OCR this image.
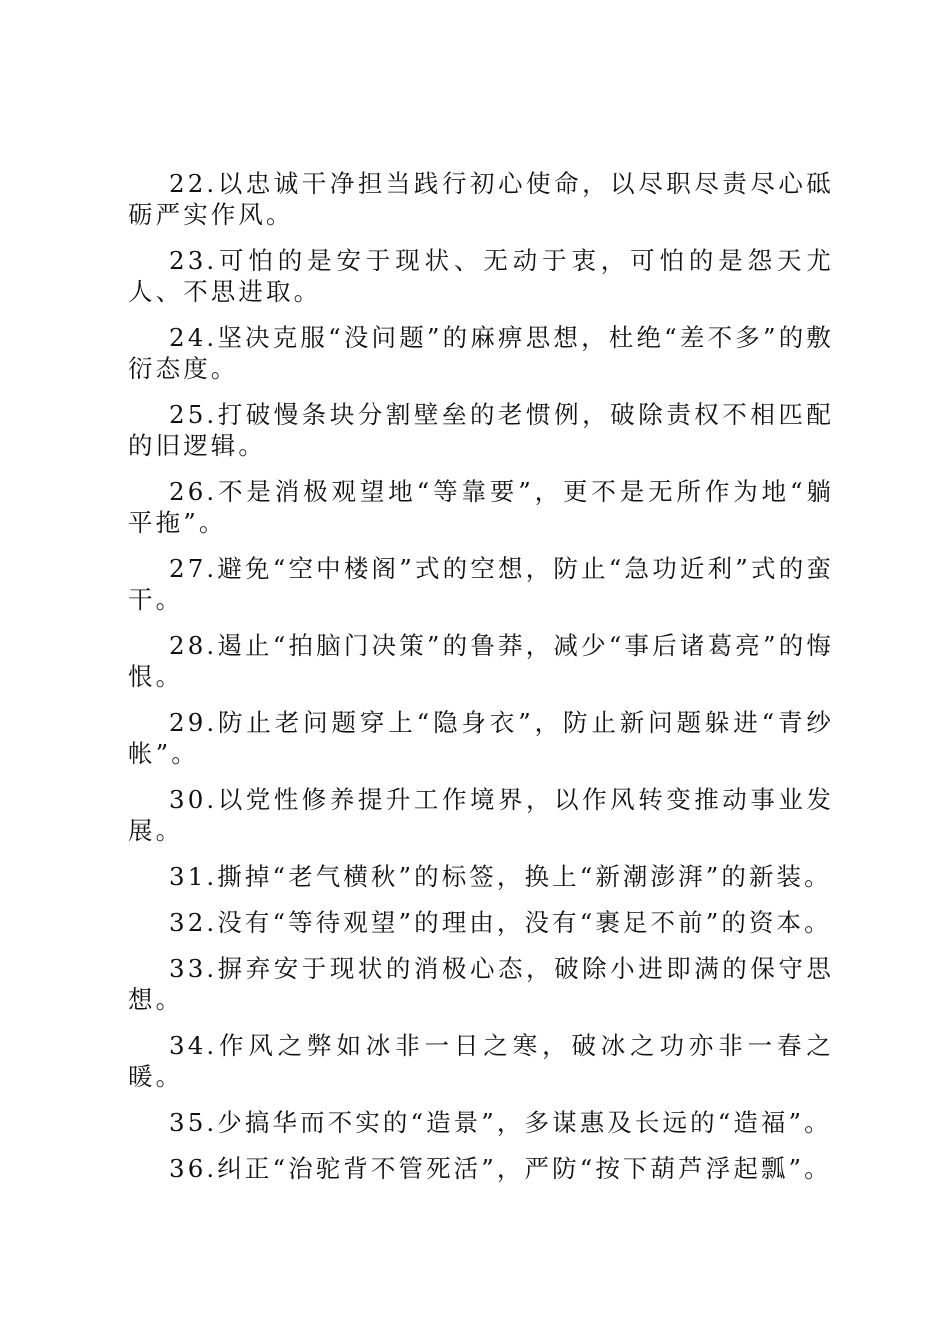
22.以忠诚干净担当践行初心使命，以尽职尽责尽心砥砺严实作风。

23.可怕的是安于现状、无动于衷，可怕的是怨天尤人、不思进取。

24.坚决克服“没问题”的麻痹思想，杜绝“差不多”的敷衍态度。

25.打破慢条块分割壁垒的老惯例，破除责权不相匹配的旧逻辑。

26.不是消极观望地“等靠要”，更不是无所作为地“躺平拖”。

27.避免“空中楼阁”式的空想，防止“急功近利”式的蛮干。

28.遏止“拍脑门决策”的鲁莽，减少“事后诸葛亮”的悔恨。

29.防止老问题穿上“隐身衣”，防止新问题躲进“青纱帐”。

30.以党性修养提升工作境界，以作风转变推动事业发展。

31.撕掉“老气横秋”的标签，换上“新潮澎湃”的新装。

32.没有“等待观望”的理由，没有“裹足不前”的资本。

33.摒弃安于现状的消极心态，破除小进即满的保守思想。

34.作风之弊如冰非一日之寒，破冰之功亦非一春之暖。

35.少搞华而不实的“造景”，多谋惠及长远的“造福”。

36.纠正“治驼背不管死活”，严防“按下葫芦浮起瓢”。
